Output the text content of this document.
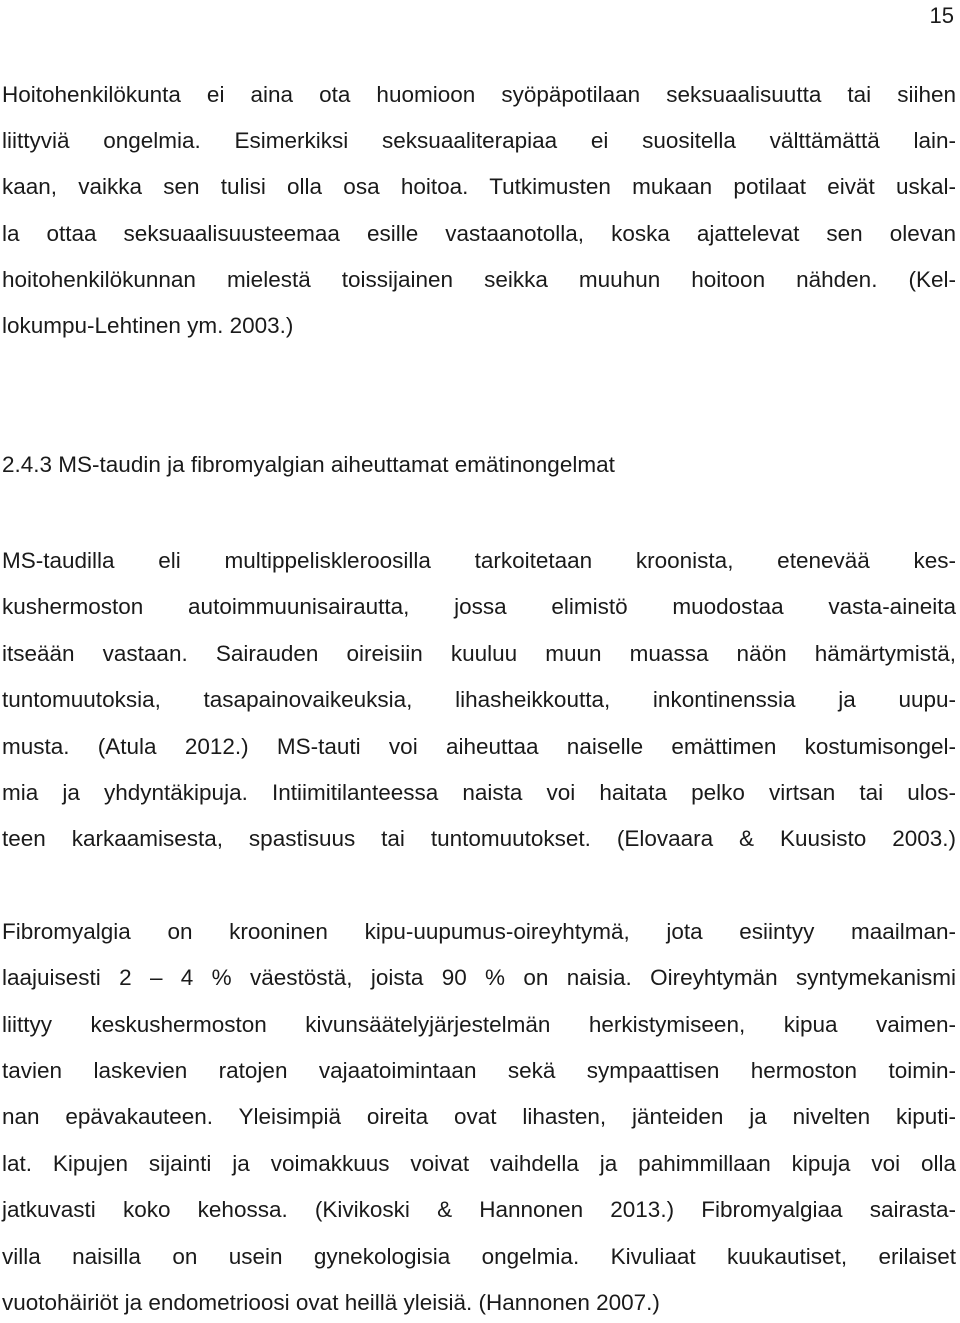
15
Hoitohenkilökunta ei aina ota huomioon syöpäpotilaan seksuaalisuutta tai siihen
liittyviä ongelmia. Esimerkiksi seksuaaliterapiaa ei suositella välttämättä lain-
kaan, vaikka sen tulisi olla osa hoitoa. Tutkimusten mukaan potilaat eivät uskal-
la ottaa seksuaalisuusteemaa esille vastaanotolla, koska ajattelevat sen olevan
hoitohenkilökunnan mielestä toissijainen seikka muuhun hoitoon nähden. (Kel-
lokumpu-Lehtinen ym. 2003.)
2.4.3 MS-taudin ja fibromyalgian aiheuttamat emätinongelmat
MS-taudilla eli multippeliskleroosilla tarkoitetaan kroonista, etenevää kes-
kushermoston autoimmuunisairautta, jossa elimistö muodostaa vasta-aineita
itseään vastaan. Sairauden oireisiin kuuluu muun muassa näön hämärtymistä,
tuntomuutoksia, tasapainovaikeuksia, lihasheikkoutta, inkontinenssia ja uupu-
musta. (Atula 2012.) MS-tauti voi aiheuttaa naiselle emättimen kostumisongel-
mia ja yhdyntäkipuja. Intiimitilanteessa naista voi haitata pelko virtsan tai ulos-
teen karkaamisesta, spastisuus tai tuntomuutokset. (Elovaara & Kuusisto 2003.)
Fibromyalgia on krooninen kipu-uupumus-oireyhtymä, jota esiintyy maailman-
laajuisesti 2 – 4 % väestöstä, joista 90 % on naisia. Oireyhtymän syntymekanismi
liittyy keskushermoston kivunsäätelyjärjestelmän herkistymiseen, kipua vaimen-
tavien laskevien ratojen vajaatoimintaan sekä sympaattisen hermoston toimin-
nan epävakauteen. Yleisimpiä oireita ovat lihasten, jänteiden ja nivelten kiputi-
lat. Kipujen sijainti ja voimakkuus voivat vaihdella ja pahimmillaan kipuja voi olla
jatkuvasti koko kehossa. (Kivikoski & Hannonen 2013.) Fibromyalgiaa sairasta-
villa naisilla on usein gynekologisia ongelmia. Kivuliaat kuukautiset, erilaiset
vuotohäiriöt ja endometrioosi ovat heillä yleisiä. (Hannonen 2007.)
